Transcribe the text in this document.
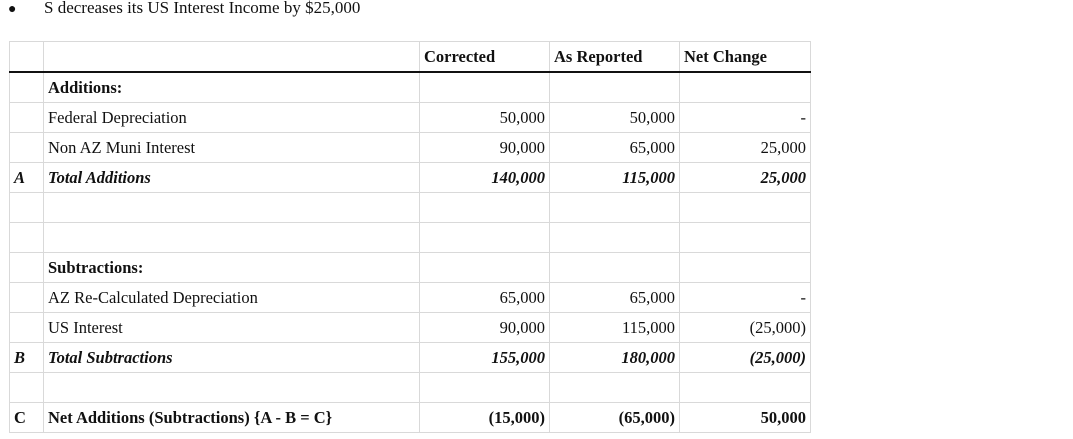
● S decreases its US Interest Income by $25,000
		Corrected	As Reported	Net Change
	Additions:			
	Federal Depreciation	50,000	50,000	-
	Non AZ Muni Interest	90,000	65,000	25,000
A	Total Additions	140,000	115,000	25,000

	Subtractions:			
	AZ Re-Calculated Depreciation	65,000	65,000	-
	US Interest	90,000	115,000	(25,000)
B	Total Subtractions	155,000	180,000	(25,000)

C	Net Additions (Subtractions) {A - B = C}	(15,000)	(65,000)	50,000
